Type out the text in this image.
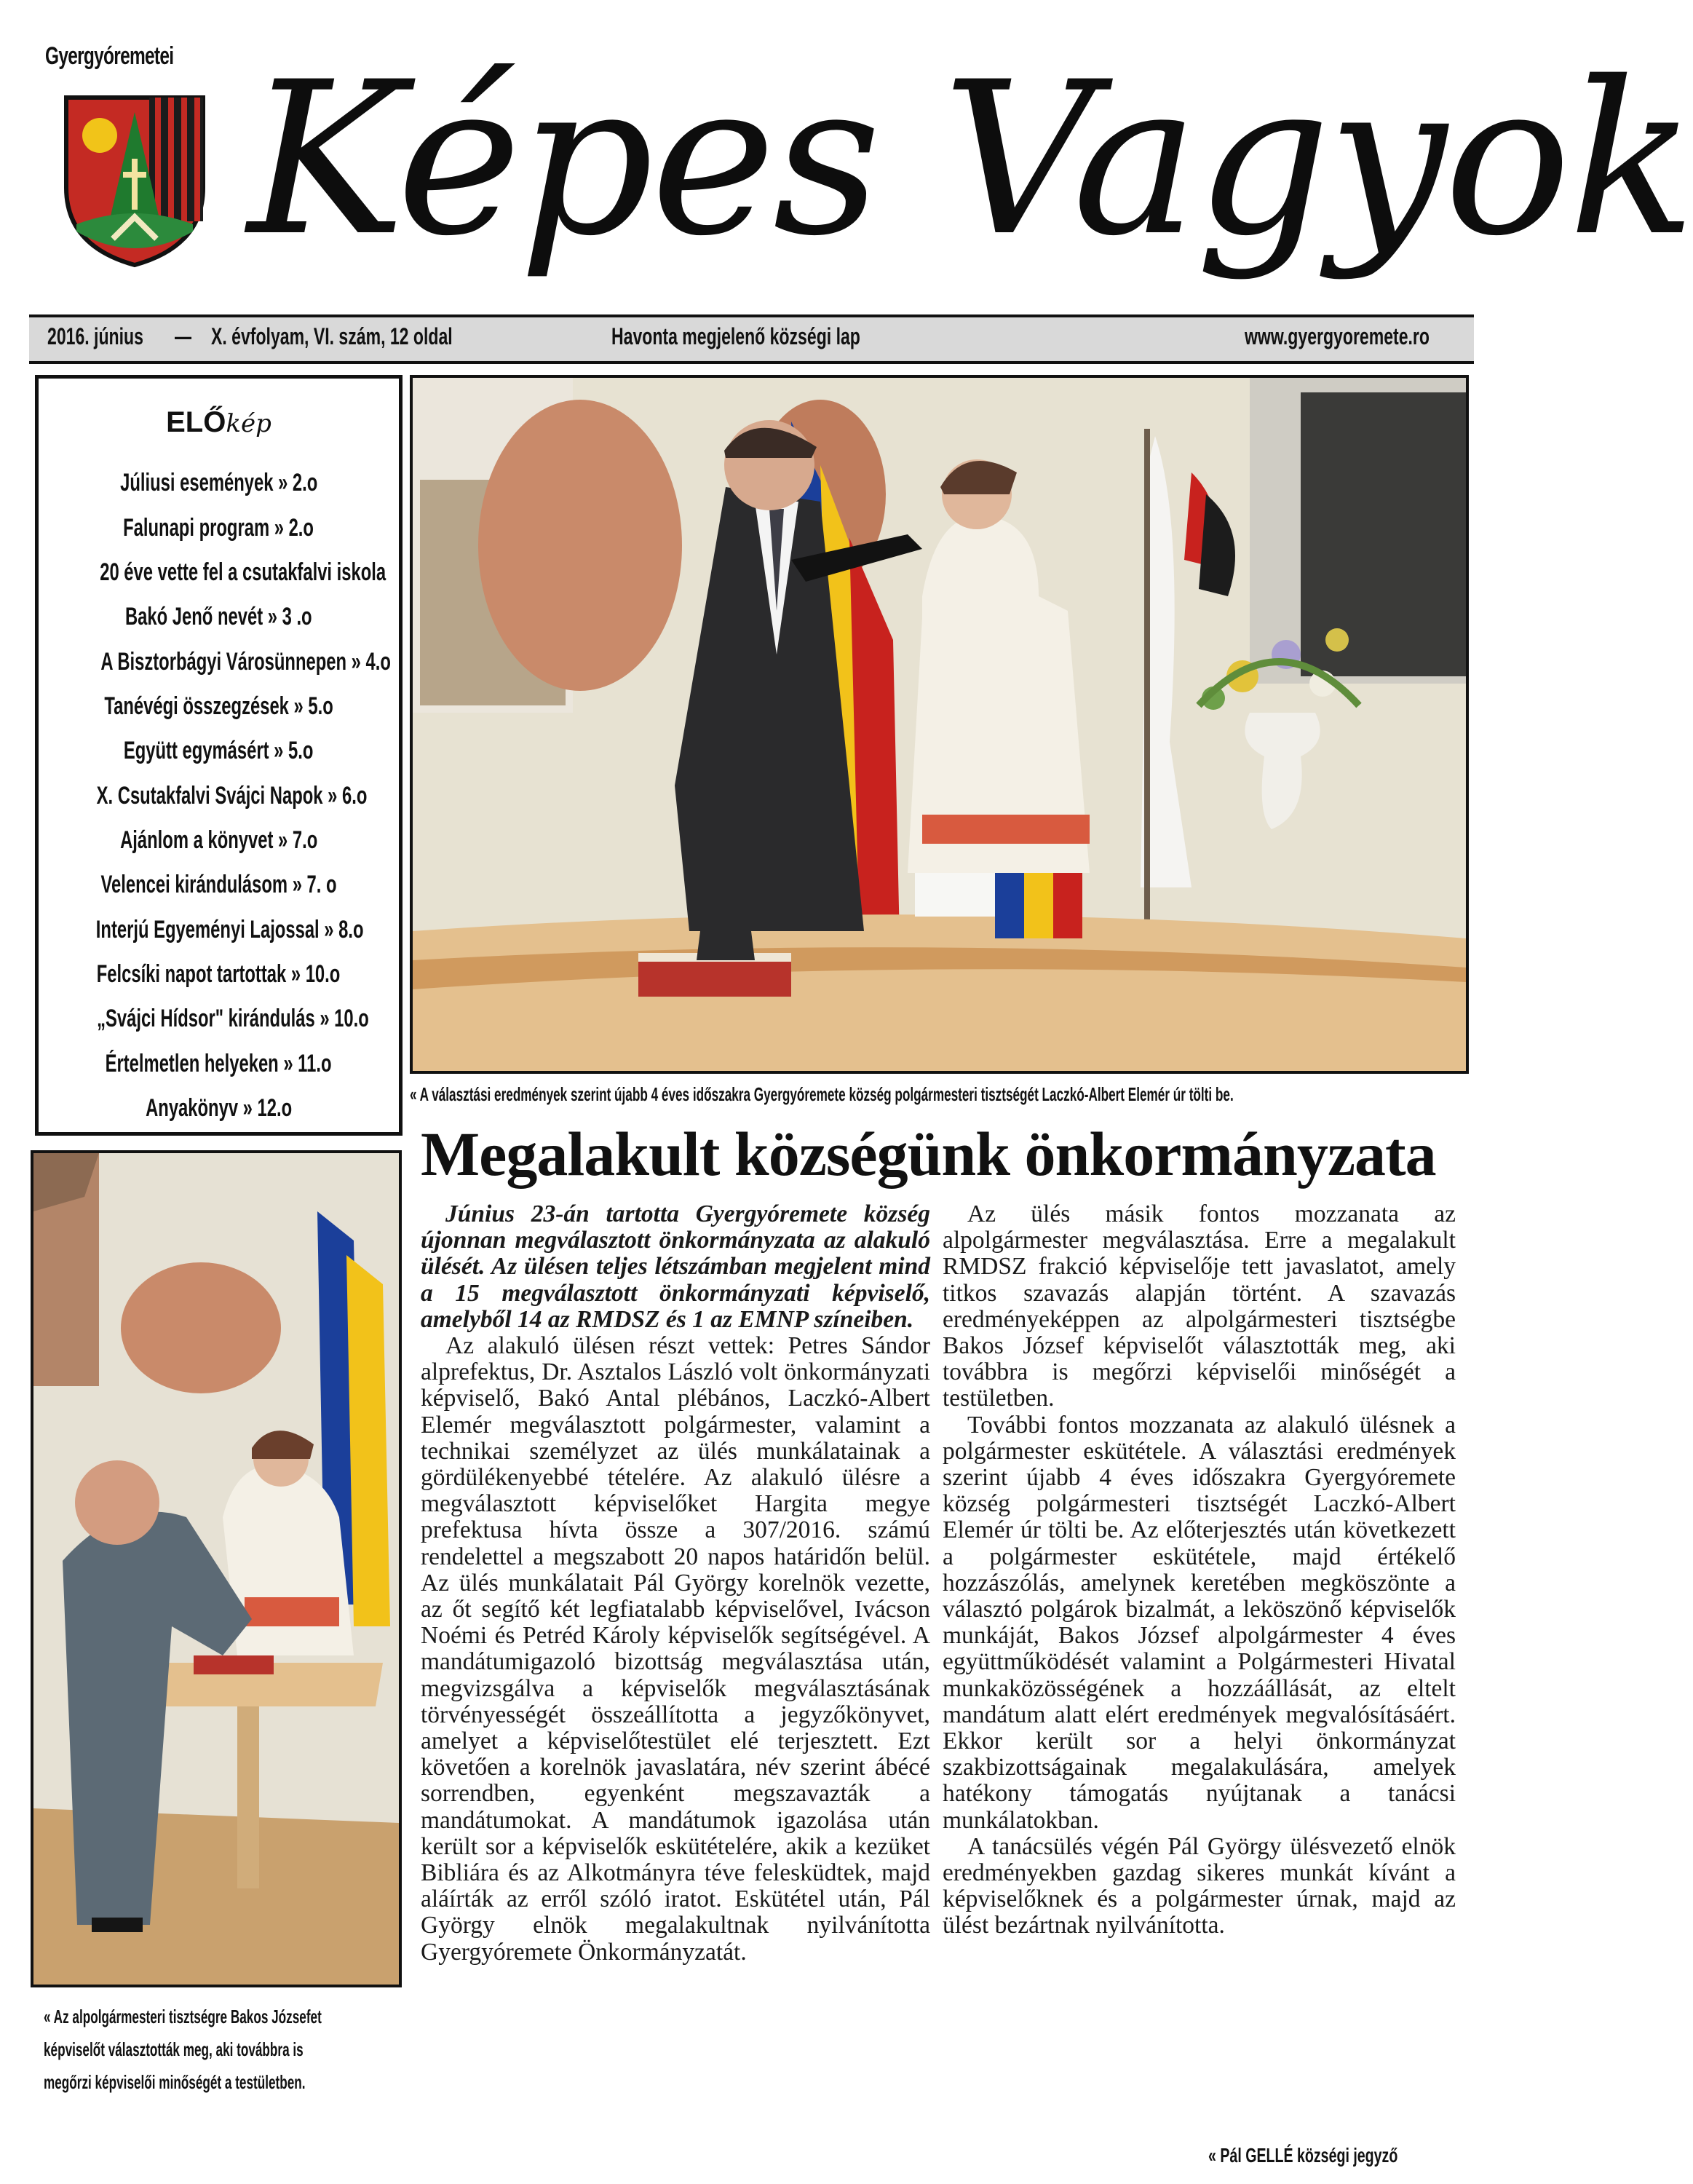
Gyergyóremetei Képes Vagyok
2016. június — X. évfolyam, VI. szám, 12 oldal	Havonta megjelenő községi lap	www.gyergyoremete.ro
ELŐkép
Júliusi események » 2.o
Falunapi program » 2.o
20 éve vette fel a csutakfalvi iskola
Bakó Jenő nevét » 3 .o
A Bisztorbágyi Városünnepen » 4.o
Tanévégi összegzések » 5.o
Együtt egymásért » 5.o
X. Csutakfalvi Svájci Napok » 6.o
Ajánlom a könyvet » 7.o
Velencei kirándulásom » 7. o
Interjú Egyeményi Lajossal » 8.o
Felcsíki napot tartottak » 10.o
„Svájci Hídsor" kirándulás » 10.o
Értelmetlen helyeken » 11.o
Anyakönyv » 12.o	« A választási eredmények szerint újabb 4 éves időszakra Gyergyóremete község polgármesteri tisztségét Laczkó-Albert Elemér úr tölti be.
« Az alpolgármesteri tisztségre Bakos Józsefet
képviselőt választották meg, aki továbbra is
megőrzi képviselői minőségét a testületben.
Megalakult községünk önkormányzata

Június 23-án tartotta Gyergyóremete község újonnan megválasztott önkormányzata az alakuló ülését. Az ülésen teljes létszámban megjelent mind a 15 megválasztott önkormányzati képviselő, amelyből 14 az RMDSZ és 1 az EMNP színeiben.

Az alakuló ülésen részt vettek: Petres Sándor alprefektus, Dr. Asztalos László volt önkormányzati képviselő, Bakó Antal plébános, Laczkó-Albert Elemér megválasztott polgármester, valamint a technikai személyzet az ülés munkálatainak a gördülékenyebbé tételére. Az alakuló ülésre a megválasztott képviselőket Hargita megye prefektusa hívta össze a 307/2016. számú rendelettel a megszabott 20 napos határidőn belül. Az ülés munkálatait Pál György korelnök vezette, az őt segítő két legfiatalabb képviselővel, Ivácson Noémi és Petréd Károly képviselők segítségével. A mandátumigazoló bizottság megválasztása után, megvizsgálva a képviselők megválasztásának törvényességét összeállította a jegyzőkönyvet, amelyet a képviselőtestület elé terjesztett. Ezt követően a korelnök javaslatára, név szerint ábécé sorrendben, egyenként megszavazták a mandátumokat. A mandátumok igazolása után került sor a képviselők eskütételére, akik a kezüket Bibliára és az Alkotmányra téve felesküdtek, majd aláírták az erről szóló iratot. Eskütétel után, Pál György elnök megalakultnak nyilvánította Gyergyóremete Önkormányzatát.

Az ülés másik fontos mozzanata az alpolgármester megválasztása. Erre a megalakult RMDSZ frakció képviselője tett javaslatot, amely titkos szavazás alapján történt. A szavazás eredményeképpen az alpolgármesteri tisztségbe Bakos József képviselőt választották meg, aki továbbra is megőrzi képviselői minőségét a testületben.

További fontos mozzanata az alakuló ülésnek a polgármester eskütétele. A választási eredmények szerint újabb 4 éves időszakra Gyergyóremete község polgármesteri tisztségét Laczkó-Albert Elemér úr tölti be. Az előterjesztés után következett a polgármester eskütétele, majd értékelő hozzászólás, amelynek keretében megköszönte a választó polgárok bizalmát, a leköszönő képviselők munkáját, Bakos József alpolgármester 4 éves együttműködését valamint a Polgármesteri Hivatal munkaközösségének a hozzáállását, az eltelt mandátum alatt elért eredmények megvalósításáért. Ekkor került sor a helyi önkormányzat szakbizottságainak megalakulására, amelyek hatékony támogatás nyújtanak a tanácsi munkálatokban.

A tanácsülés végén Pál György ülésvezető elnök eredményekben gazdag sikeres munkát kívánt a képviselőknek és a polgármester úrnak, majd az ülést bezártnak nyilvánította.

« Pál GELLÉ községi jegyző
